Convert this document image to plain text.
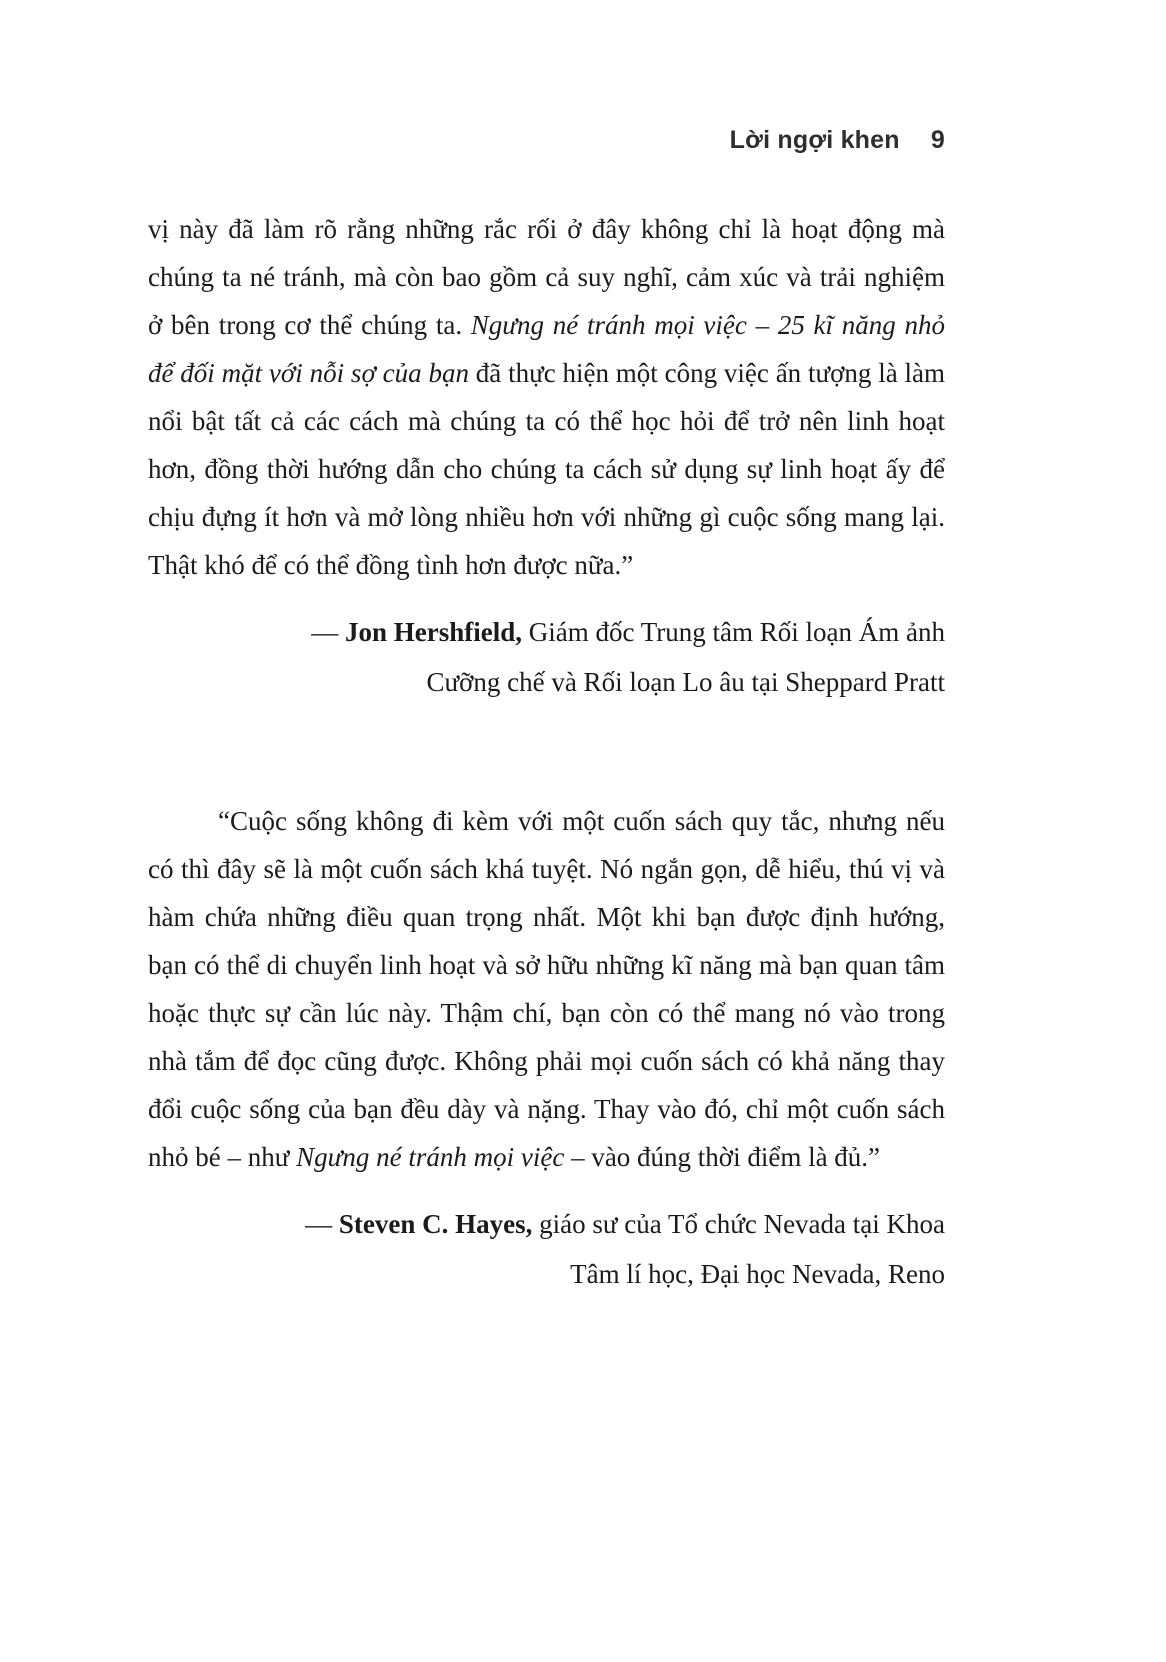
Lời ngợi khen 9

vị này đã làm rõ rằng những rắc rối ở đây không chỉ là hoạt động mà chúng ta né tránh, mà còn bao gồm cả suy nghĩ, cảm xúc và trải nghiệm ở bên trong cơ thể chúng ta. Ngưng né tránh mọi việc – 25 kĩ năng nhỏ để đối mặt với nỗi sợ của bạn đã thực hiện một công việc ấn tượng là làm nổi bật tất cả các cách mà chúng ta có thể học hỏi để trở nên linh hoạt hơn, đồng thời hướng dẫn cho chúng ta cách sử dụng sự linh hoạt ấy để chịu đựng ít hơn và mở lòng nhiều hơn với những gì cuộc sống mang lại. Thật khó để có thể đồng tình hơn được nữa.”

— Jon Hershfield, Giám đốc Trung tâm Rối loạn Ám ảnh Cưỡng chế và Rối loạn Lo âu tại Sheppard Pratt

“Cuộc sống không đi kèm với một cuốn sách quy tắc, nhưng nếu có thì đây sẽ là một cuốn sách khá tuyệt. Nó ngắn gọn, dễ hiểu, thú vị và hàm chứa những điều quan trọng nhất. Một khi bạn được định hướng, bạn có thể di chuyển linh hoạt và sở hữu những kĩ năng mà bạn quan tâm hoặc thực sự cần lúc này. Thậm chí, bạn còn có thể mang nó vào trong nhà tắm để đọc cũng được. Không phải mọi cuốn sách có khả năng thay đổi cuộc sống của bạn đều dày và nặng. Thay vào đó, chỉ một cuốn sách nhỏ bé – như Ngưng né tránh mọi việc – vào đúng thời điểm là đủ.”

— Steven C. Hayes, giáo sư của Tổ chức Nevada tại Khoa Tâm lí học, Đại học Nevada, Reno
